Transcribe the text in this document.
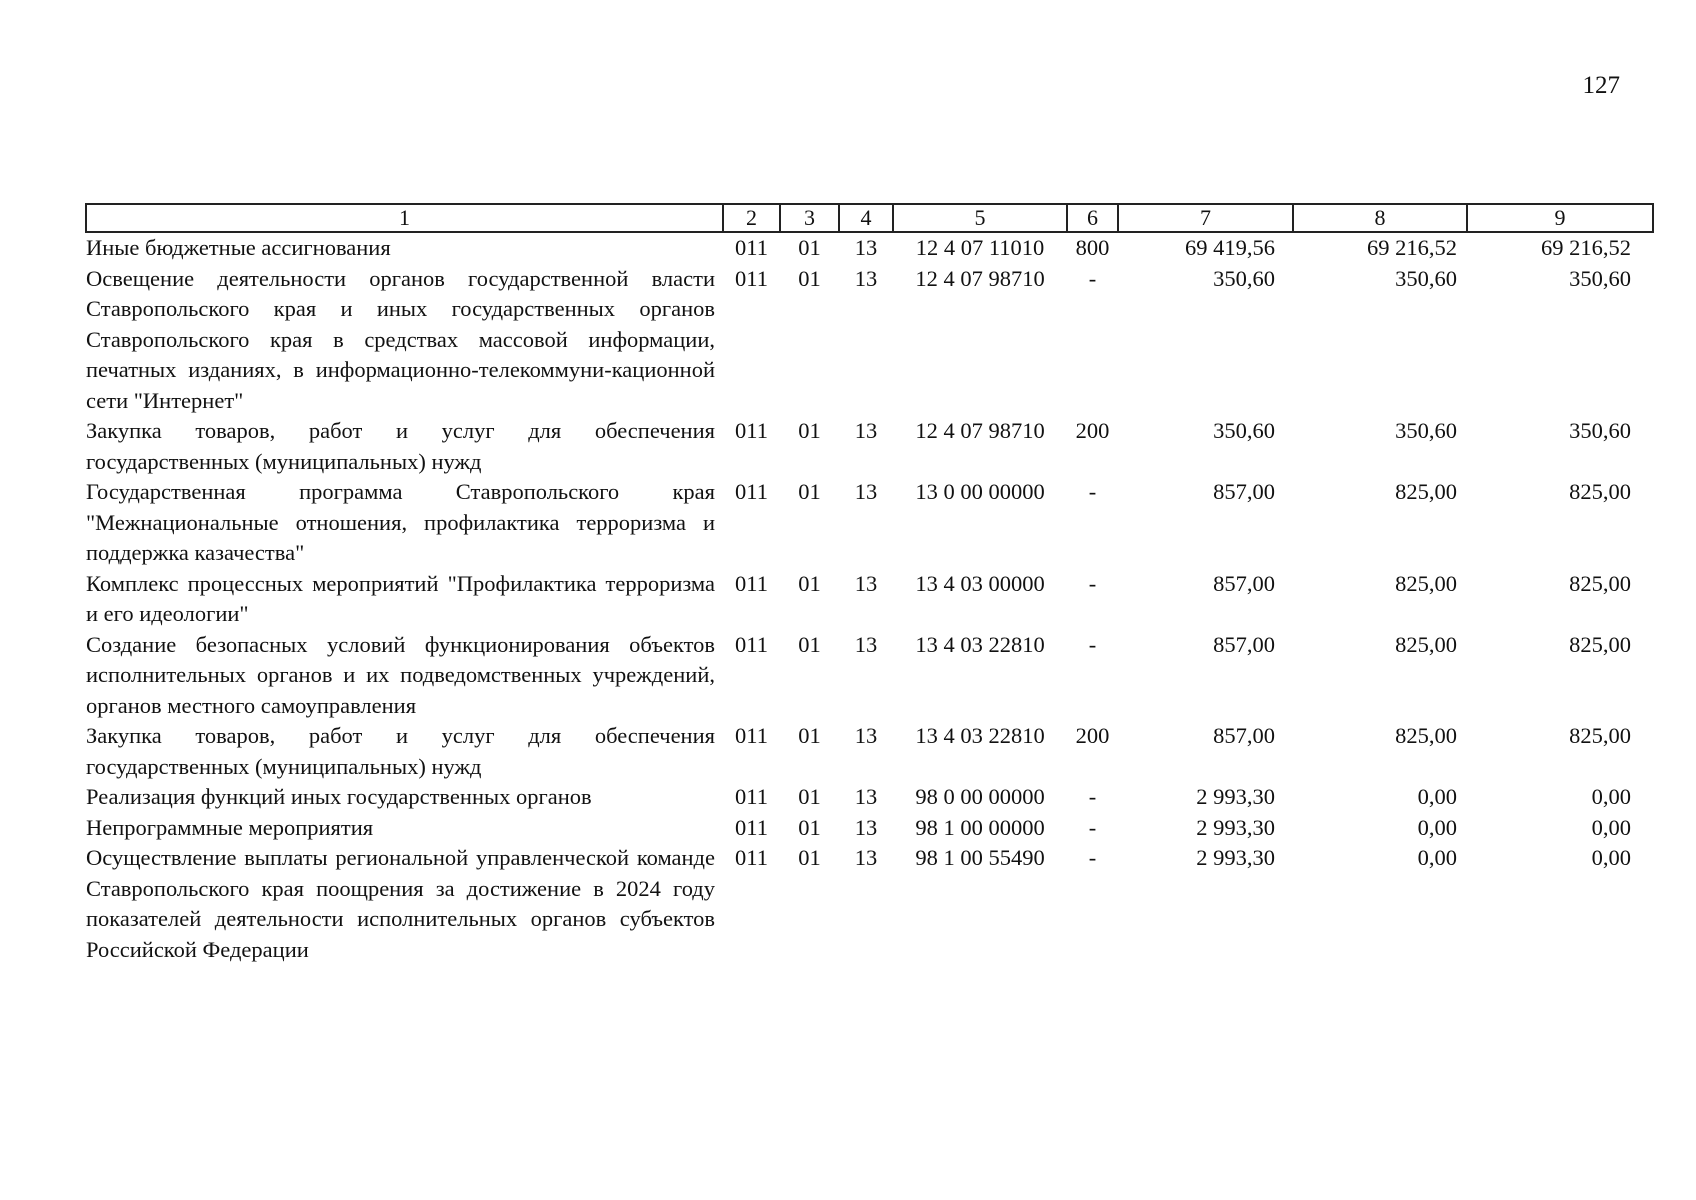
127
1	2	3	4	5	6	7	8	9
Иные бюджетные ассигнования	011	01	13	12 4 07 11010	800	69 419,56	69 216,52	69 216,52
Освещение деятельности органов государственной власти Ставропольского края и иных государственных органов Ставропольского края в средствах массовой информации, печатных изданиях, в информационно-телекоммуни-кационной сети "Интернет"	011	01	13	12 4 07 98710	-	350,60	350,60	350,60
Закупка товаров, работ и услуг для обеспечения государственных (муниципальных) нужд	011	01	13	12 4 07 98710	200	350,60	350,60	350,60
Государственная программа Ставропольского края "Межнациональные отношения, профилактика терроризма и поддержка казачества"	011	01	13	13 0 00 00000	-	857,00	825,00	825,00
Комплекс процессных мероприятий "Профилактика терроризма и его идеологии"	011	01	13	13 4 03 00000	-	857,00	825,00	825,00
Создание безопасных условий функционирования объектов исполнительных органов и их подведомственных учреждений, органов местного самоуправления	011	01	13	13 4 03 22810	-	857,00	825,00	825,00
Закупка товаров, работ и услуг для обеспечения государственных (муниципальных) нужд	011	01	13	13 4 03 22810	200	857,00	825,00	825,00
Реализация функций иных государственных органов	011	01	13	98 0 00 00000	-	2 993,30	0,00	0,00
Непрограммные мероприятия	011	01	13	98 1 00 00000	-	2 993,30	0,00	0,00
Осуществление выплаты региональной управленческой команде Ставропольского края поощрения за достижение в 2024 году показателей деятельности исполнительных органов субъектов Российской Федерации	011	01	13	98 1 00 55490	-	2 993,30	0,00	0,00
